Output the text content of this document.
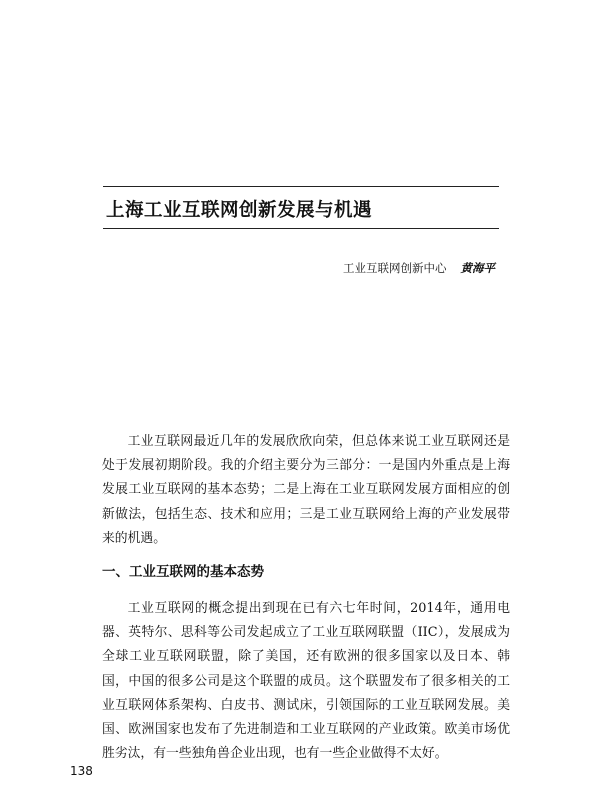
上海工业互联网创新发展与机遇
工业互联网创新中心 黄海平

工业互联网最近几年的发展欣欣向荣，但总体来说工业互联网还是处于发展初期阶段。我的介绍主要分为三部分：一是国内外重点是上海发展工业互联网的基本态势；二是上海在工业互联网发展方面相应的创新做法，包括生态、技术和应用；三是工业互联网给上海的产业发展带来的机遇。

一、工业互联网的基本态势

工业互联网的概念提出到现在已有六七年时间，2014年，通用电器、英特尔、思科等公司发起成立了工业互联网联盟（IIC），发展成为全球工业互联网联盟，除了美国，还有欧洲的很多国家以及日本、韩国，中国的很多公司是这个联盟的成员。这个联盟发布了很多相关的工业互联网体系架构、白皮书、测试床，引领国际的工业互联网发展。美国、欧洲国家也发布了先进制造和工业互联网的产业政策。欧美市场优胜劣汰，有一些独角兽企业出现，也有一些企业做得不太好。

138
